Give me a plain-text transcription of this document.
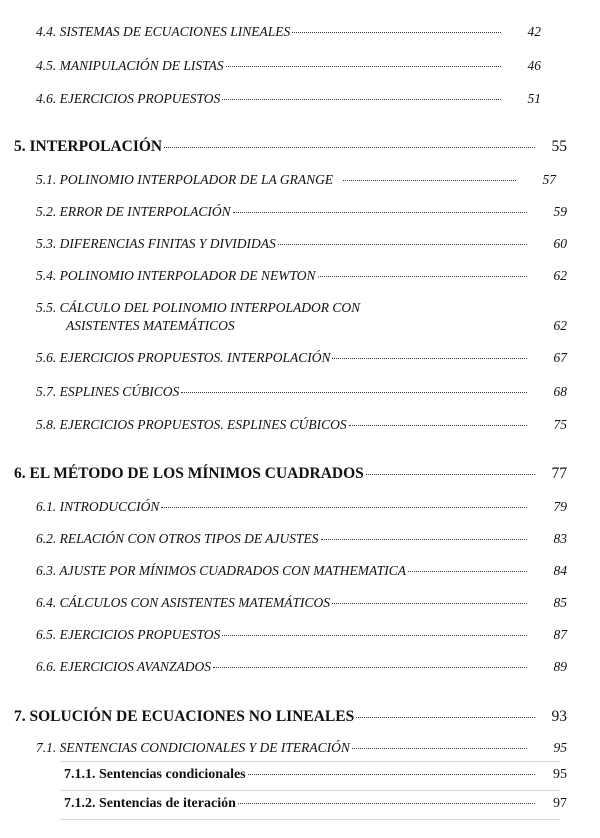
4.4. SISTEMAS DE ECUACIONES LINEALES	42
4.5. MANIPULACIÓN DE LISTAS	46
4.6. EJERCICIOS PROPUESTOS	51
5. INTERPOLACIÓN	55
5.1. POLINOMIO INTERPOLADOR DE LA GRANGE	57
5.2. ERROR DE INTERPOLACIÓN	59
5.3. DIFERENCIAS FINITAS Y DIVIDIDAS	60
5.4. POLINOMIO INTERPOLADOR DE NEWTON	62
5.5. CÁLCULO DEL POLINOMIO INTERPOLADOR CON
ASISTENTES MATEMÁTICOS	62
5.6. EJERCICIOS PROPUESTOS. INTERPOLACIÓN	67
5.7. ESPLINES CÚBICOS	68
5.8. EJERCICIOS PROPUESTOS. ESPLINES CÚBICOS	75
6. EL MÉTODO DE LOS MÍNIMOS CUADRADOS	77
6.1. INTRODUCCIÓN	79
6.2. RELACIÓN CON OTROS TIPOS DE AJUSTES	83
6.3. AJUSTE POR MÍNIMOS CUADRADOS CON MATHEMATICA	84
6.4. CÁLCULOS CON ASISTENTES MATEMÁTICOS	85
6.5. EJERCICIOS PROPUESTOS	87
6.6. EJERCICIOS AVANZADOS	89
7. SOLUCIÓN DE ECUACIONES NO LINEALES	93
7.1. SENTENCIAS CONDICIONALES Y DE ITERACIÓN	95
7.1.1. Sentencias condicionales	95
7.1.2. Sentencias de iteración	97
